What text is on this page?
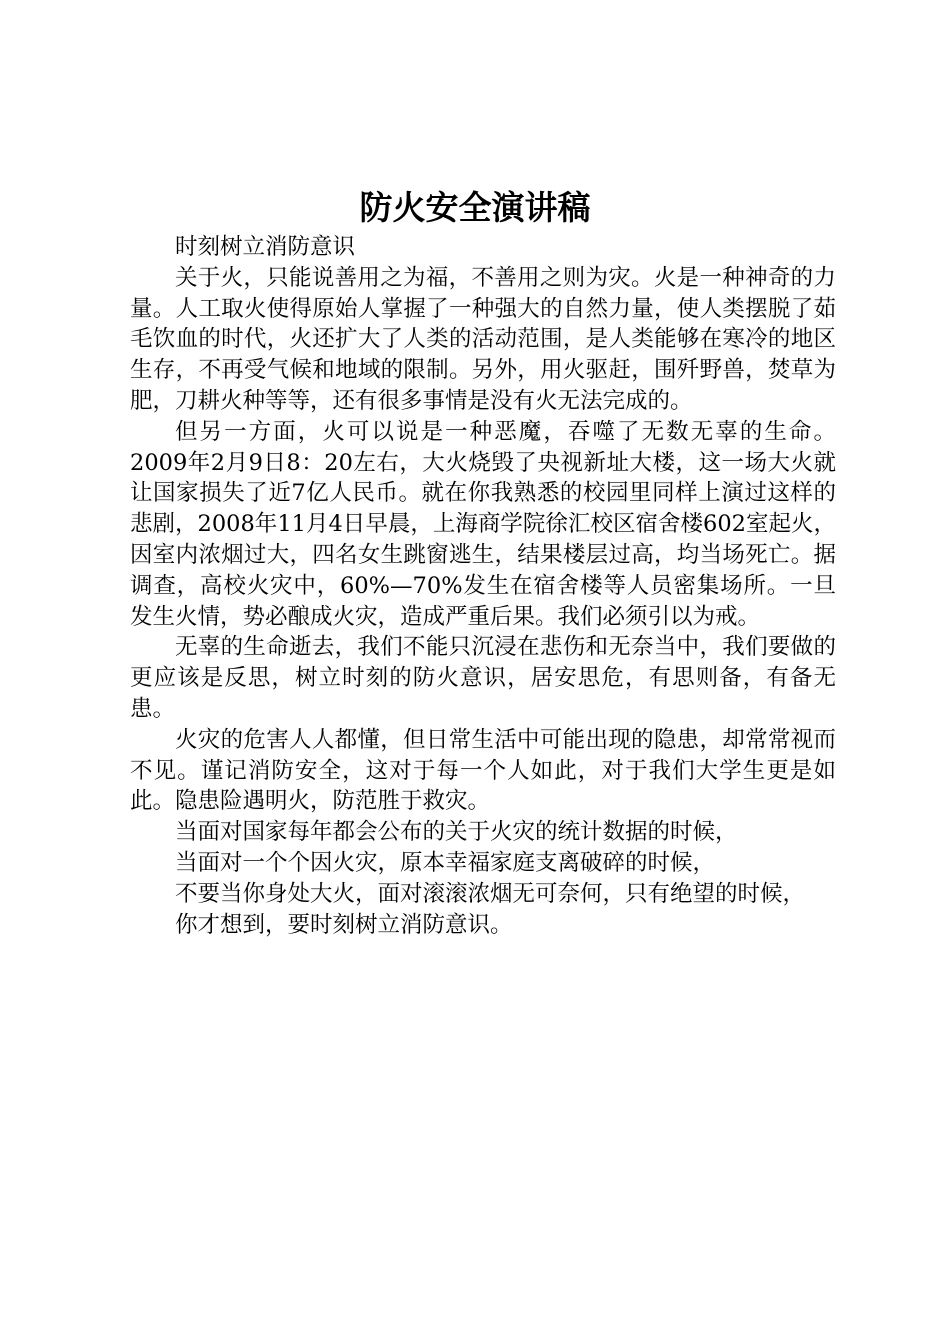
防火安全演讲稿

时刻树立消防意识

关于火，只能说善用之为福，不善用之则为灾。火是一种神奇的力量。人工取火使得原始人掌握了一种强大的自然力量，使人类摆脱了茹毛饮血的时代，火还扩大了人类的活动范围，是人类能够在寒冷的地区生存，不再受气候和地域的限制。另外，用火驱赶，围歼野兽，焚草为肥，刀耕火种等等，还有很多事情是没有火无法完成的。

但另一方面，火可以说是一种恶魔，吞噬了无数无辜的生命。2009年2月9日8：20左右，大火烧毁了央视新址大楼，这一场大火就让国家损失了近7亿人民币。就在你我熟悉的校园里同样上演过这样的悲剧，2008年11月4日早晨，上海商学院徐汇校区宿舍楼602室起火，因室内浓烟过大，四名女生跳窗逃生，结果楼层过高，均当场死亡。据调查，高校火灾中，60%—70%发生在宿舍楼等人员密集场所。一旦发生火情，势必酿成火灾，造成严重后果。我们必须引以为戒。

无辜的生命逝去，我们不能只沉浸在悲伤和无奈当中，我们要做的更应该是反思，树立时刻的防火意识，居安思危，有思则备，有备无患。

火灾的危害人人都懂，但日常生活中可能出现的隐患，却常常视而不见。谨记消防安全，这对于每一个人如此，对于我们大学生更是如此。隐患险遇明火，防范胜于救灾。

当面对国家每年都会公布的关于火灾的统计数据的时候，

当面对一个个因火灾，原本幸福家庭支离破碎的时候，

不要当你身处大火，面对滚滚浓烟无可奈何，只有绝望的时候，

你才想到，要时刻树立消防意识。
